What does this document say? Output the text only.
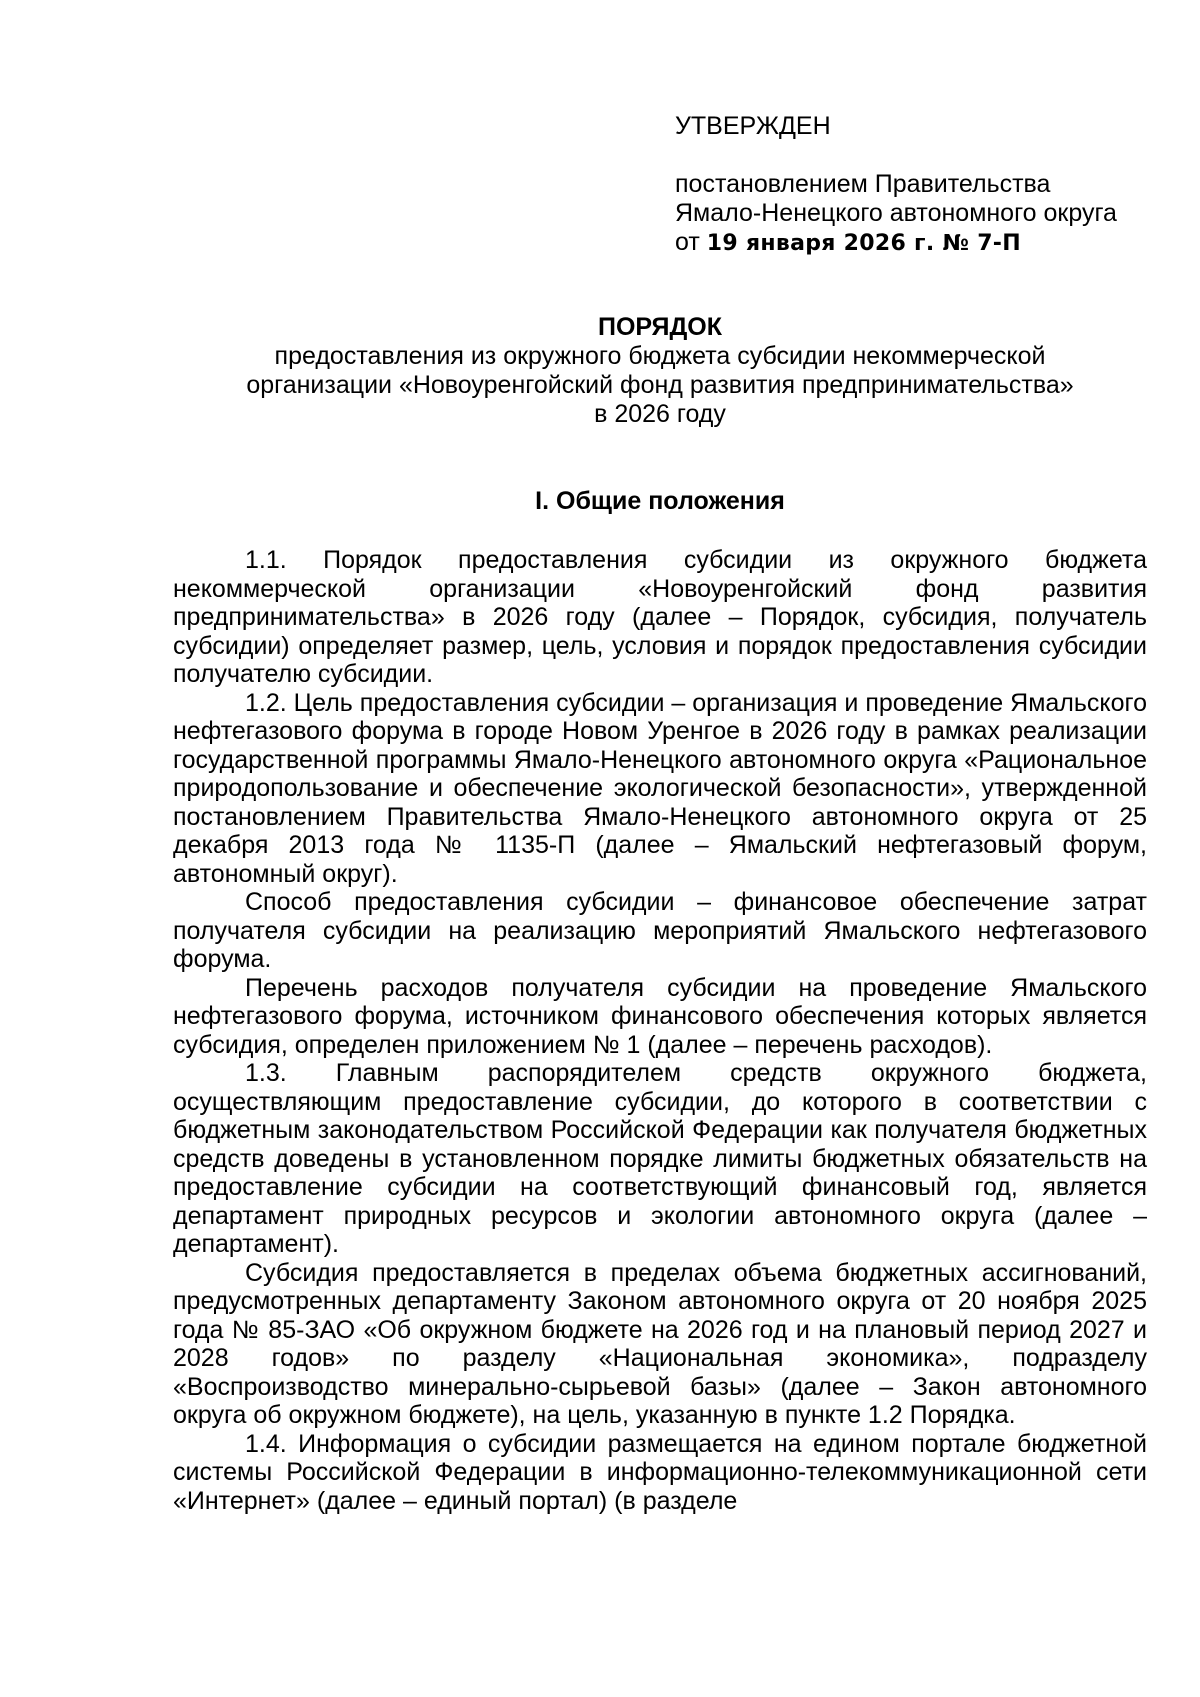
УТВЕРЖДЕН
постановлением Правительства
Ямало-Ненецкого автономного округа
от 19 января 2026 г. № 7-П
ПОРЯДОК
предоставления из окружного бюджета субсидии некоммерческой
организации «Новоуренгойский фонд развития предпринимательства»
в 2026 году
I. Общие положения

1.1. Порядок предоставления субсидии из окружного бюджета некоммерческой организации «Новоуренгойский фонд развития предпринимательства» в 2026 году (далее – Порядок, субсидия, получатель субсидии) определяет размер, цель, условия и порядок предоставления субсидии получателю субсидии.

1.2. Цель предоставления субсидии – организация и проведение Ямальского нефтегазового форума в городе Новом Уренгое в 2026 году в рамках реализации государственной программы Ямало-Ненецкого автономного округа «Рациональное природопользование и обеспечение экологической безопасности», утвержденной постановлением Правительства Ямало-Ненецкого автономного округа от 25 декабря 2013 года № 1135-П (далее – Ямальский нефтегазовый форум, автономный округ).

Способ предоставления субсидии – финансовое обеспечение затрат получателя субсидии на реализацию мероприятий Ямальского нефтегазового форума.

Перечень расходов получателя субсидии на проведение Ямальского нефтегазового форума, источником финансового обеспечения которых является субсидия, определен приложением № 1 (далее – перечень расходов).

1.3. Главным распорядителем средств окружного бюджета, осуществляющим предоставление субсидии, до которого в соответствии с бюджетным законодательством Российской Федерации как получателя бюджетных средств доведены в установленном порядке лимиты бюджетных обязательств на предоставление субсидии на соответствующий финансовый год, является департамент природных ресурсов и экологии автономного округа (далее – департамент).

Субсидия предоставляется в пределах объема бюджетных ассигнований, предусмотренных департаменту Законом автономного округа от 20 ноября 2025 года № 85-ЗАО «Об окружном бюджете на 2026 год и на плановый период 2027 и 2028 годов» по разделу «Национальная экономика», подразделу «Воспроизводство минерально-сырьевой базы» (далее – Закон автономного округа об окружном бюджете), на цель, указанную в пункте 1.2 Порядка.

1.4. Информация о субсидии размещается на едином портале бюджетной системы Российской Федерации в информационно-телекоммуникационной сети «Интернет» (далее – единый портал) (в разделе
